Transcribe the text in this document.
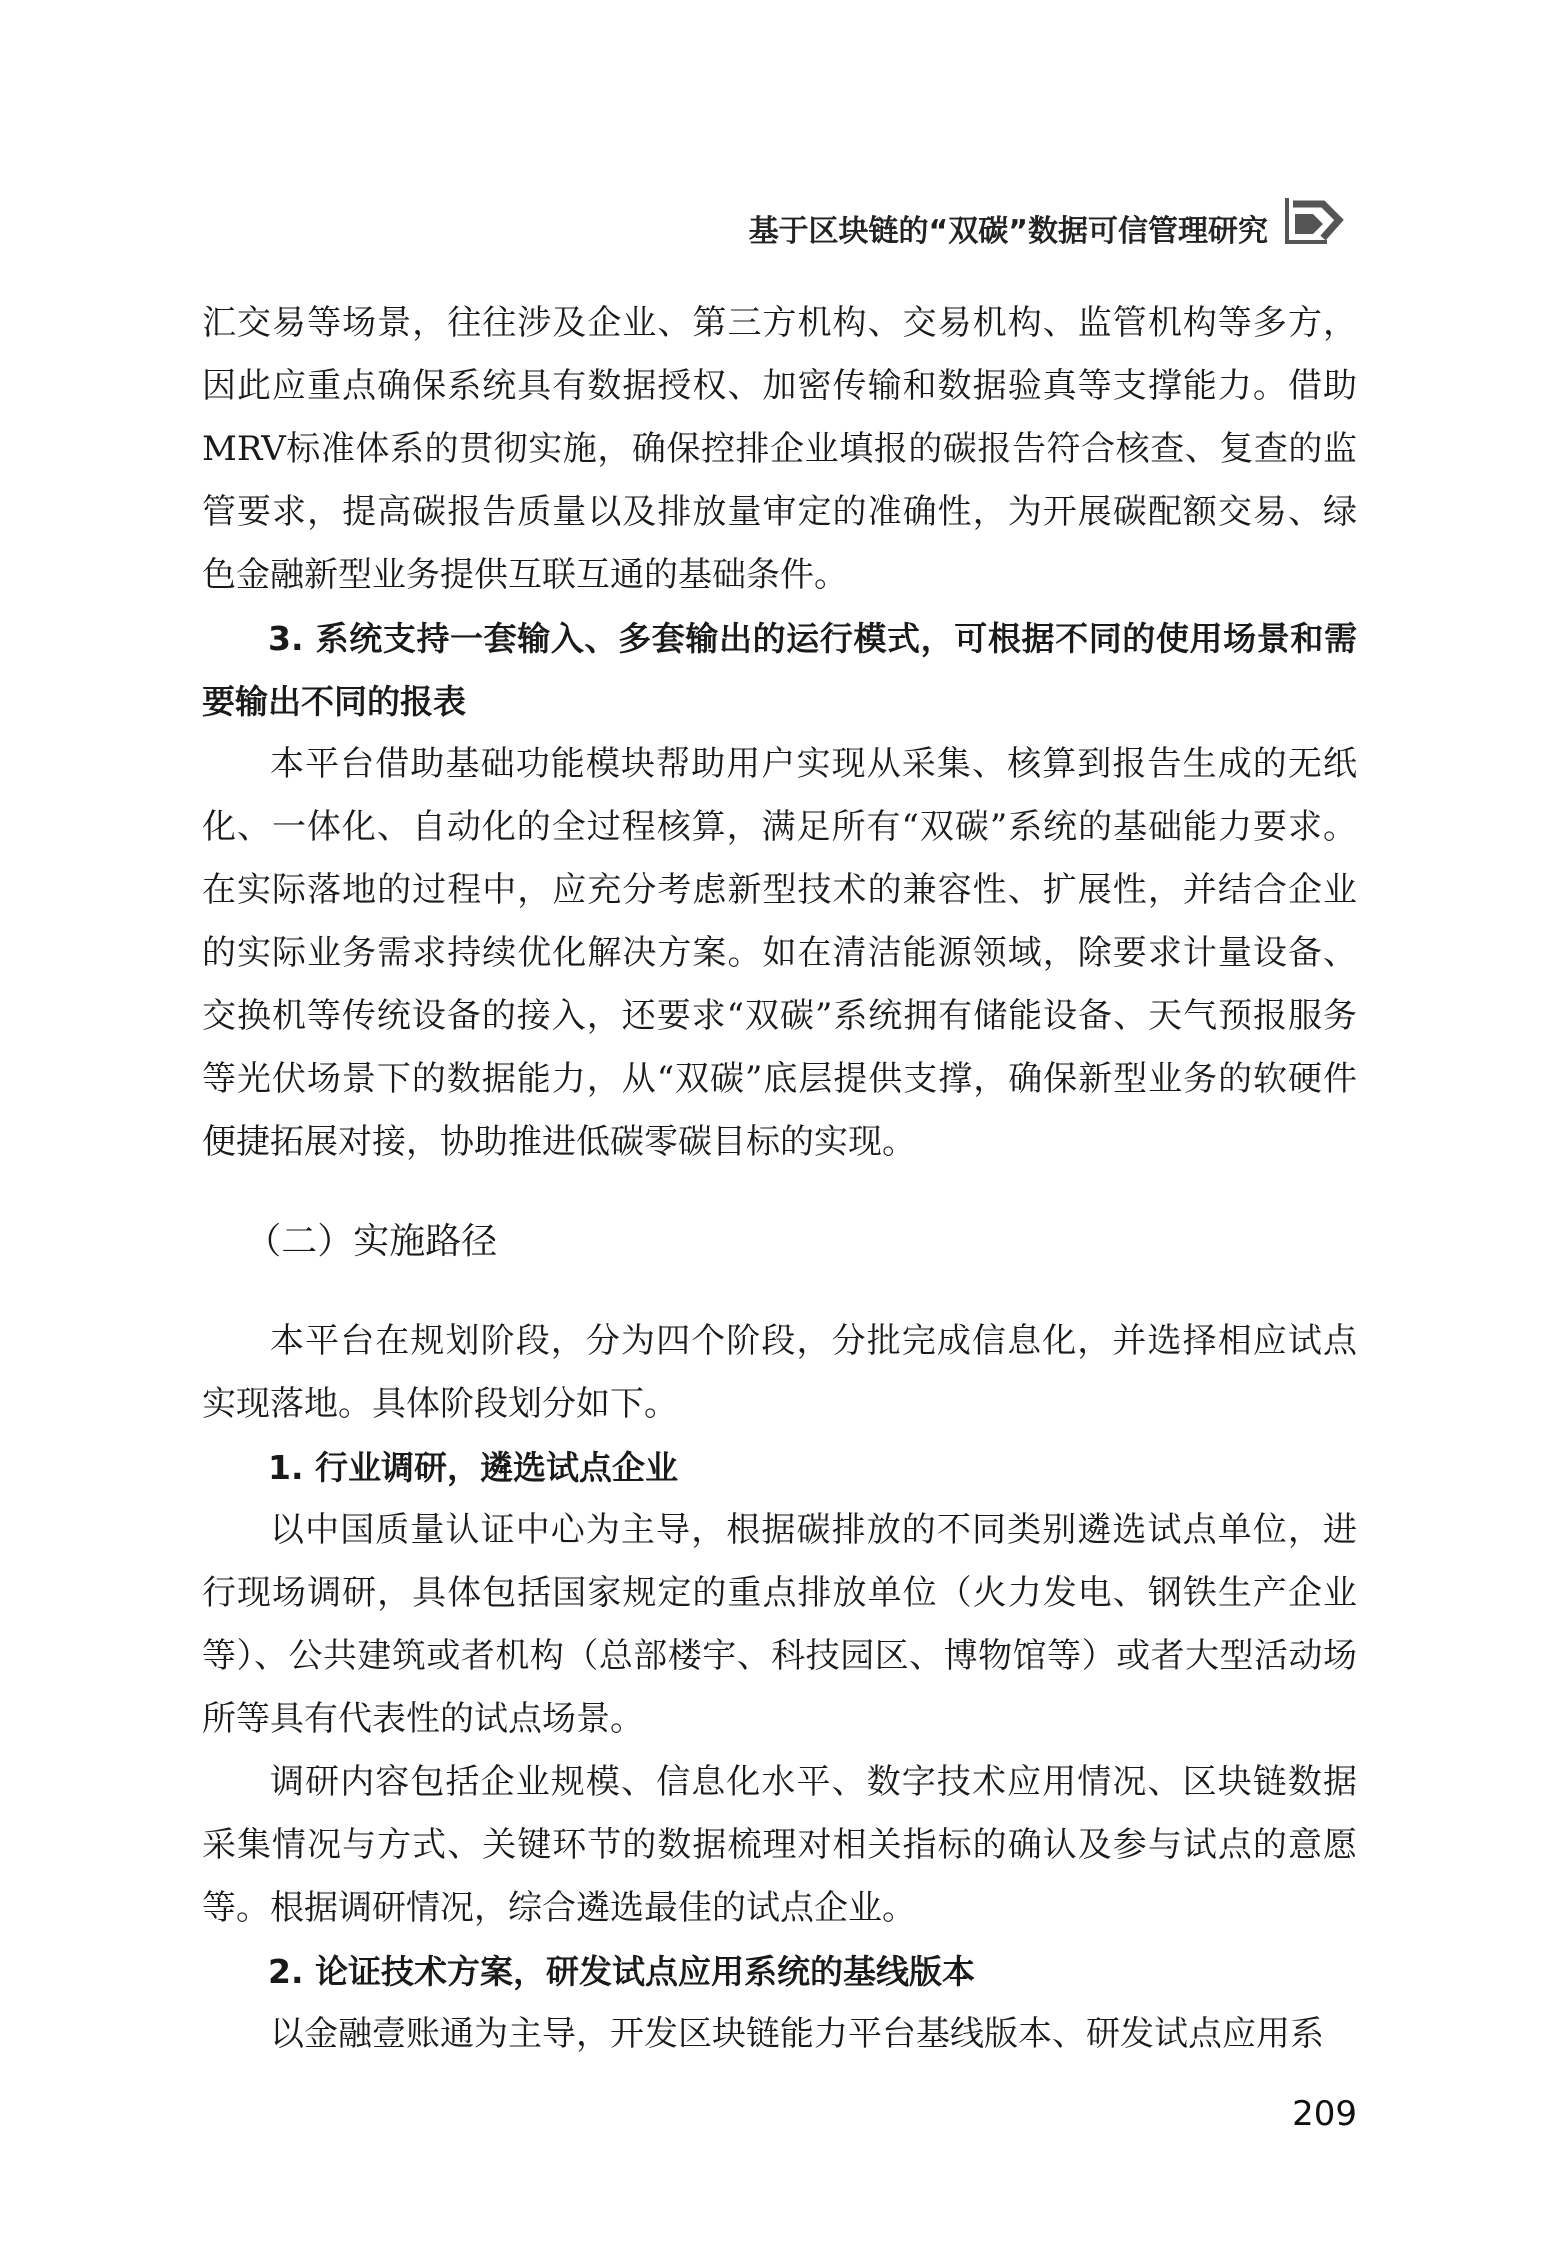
基于区块链的“双碳”数据可信管理研究

汇交易等场景，往往涉及企业、第三方机构、交易机构、监管机构等多方，因此应重点确保系统具有数据授权、加密传输和数据验真等支撑能力。借助MRV标准体系的贯彻实施，确保控排企业填报的碳报告符合核查、复查的监管要求，提高碳报告质量以及排放量审定的准确性，为开展碳配额交易、绿色金融新型业务提供互联互通的基础条件。

3. 系统支持一套输入、多套输出的运行模式，可根据不同的使用场景和需要输出不同的报表

本平台借助基础功能模块帮助用户实现从采集、核算到报告生成的无纸化、一体化、自动化的全过程核算，满足所有“双碳”系统的基础能力要求。在实际落地的过程中，应充分考虑新型技术的兼容性、扩展性，并结合企业的实际业务需求持续优化解决方案。如在清洁能源领域，除要求计量设备、交换机等传统设备的接入，还要求“双碳”系统拥有储能设备、天气预报服务等光伏场景下的数据能力，从“双碳”底层提供支撑，确保新型业务的软硬件便捷拓展对接，协助推进低碳零碳目标的实现。

（二）实施路径

本平台在规划阶段，分为四个阶段，分批完成信息化，并选择相应试点实现落地。具体阶段划分如下。

1. 行业调研，遴选试点企业

以中国质量认证中心为主导，根据碳排放的不同类别遴选试点单位，进行现场调研，具体包括国家规定的重点排放单位（火力发电、钢铁生产企业等）、公共建筑或者机构（总部楼宇、科技园区、博物馆等）或者大型活动场所等具有代表性的试点场景。

调研内容包括企业规模、信息化水平、数字技术应用情况、区块链数据采集情况与方式、关键环节的数据梳理对相关指标的确认及参与试点的意愿等。根据调研情况，综合遴选最佳的试点企业。

2. 论证技术方案，研发试点应用系统的基线版本

以金融壹账通为主导，开发区块链能力平台基线版本、研发试点应用系

209
